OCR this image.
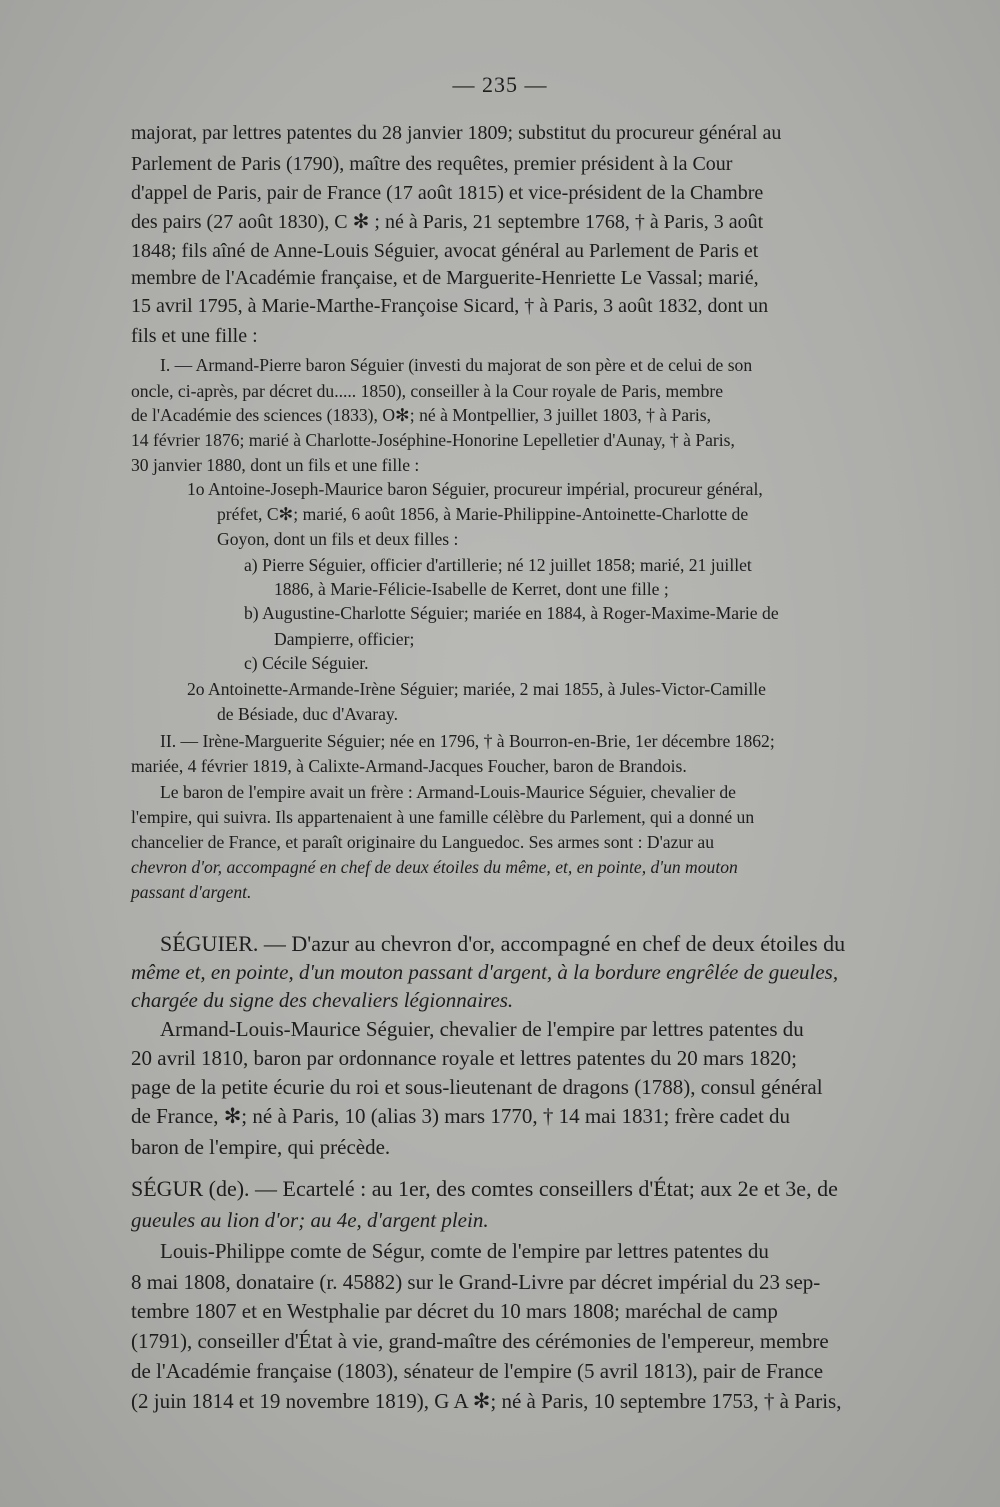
— 235 —
majorat, par lettres patentes du 28 janvier 1809; substitut du procureur général au
Parlement de Paris (1790), maître des requêtes, premier président à la Cour
d'appel de Paris, pair de France (17 août 1815) et vice-président de la Chambre
des pairs (27 août 1830), C ✻ ; né à Paris, 21 septembre 1768, † à Paris, 3 août
1848; fils aîné de Anne-Louis Séguier, avocat général au Parlement de Paris et
membre de l'Académie française, et de Marguerite-Henriette Le Vassal; marié,
15 avril 1795, à Marie-Marthe-Françoise Sicard, † à Paris, 3 août 1832, dont un
fils et une fille :
I. — Armand-Pierre baron Séguier (investi du majorat de son père et de celui de son
oncle, ci-après, par décret du..... 1850), conseiller à la Cour royale de Paris, membre
de l'Académie des sciences (1833), O✻; né à Montpellier, 3 juillet 1803, † à Paris,
14 février 1876; marié à Charlotte-Joséphine-Honorine Lepelletier d'Aunay, † à Paris,
30 janvier 1880, dont un fils et une fille :
1o Antoine-Joseph-Maurice baron Séguier, procureur impérial, procureur général,
préfet, C✻; marié, 6 août 1856, à Marie-Philippine-Antoinette-Charlotte de
Goyon, dont un fils et deux filles :
a) Pierre Séguier, officier d'artillerie; né 12 juillet 1858; marié, 21 juillet
1886, à Marie-Félicie-Isabelle de Kerret, dont une fille ;
b) Augustine-Charlotte Séguier; mariée en 1884, à Roger-Maxime-Marie de
Dampierre, officier;
c) Cécile Séguier.
2o Antoinette-Armande-Irène Séguier; mariée, 2 mai 1855, à Jules-Victor-Camille
de Bésiade, duc d'Avaray.
II. — Irène-Marguerite Séguier; née en 1796, † à Bourron-en-Brie, 1er décembre 1862;
mariée, 4 février 1819, à Calixte-Armand-Jacques Foucher, baron de Brandois.
Le baron de l'empire avait un frère : Armand-Louis-Maurice Séguier, chevalier de
l'empire, qui suivra. Ils appartenaient à une famille célèbre du Parlement, qui a donné un
chancelier de France, et paraît originaire du Languedoc. Ses armes sont : D'azur au
chevron d'or, accompagné en chef de deux étoiles du même, et, en pointe, d'un mouton
passant d'argent.
SÉGUIER. — D'azur au chevron d'or, accompagné en chef de deux étoiles du
même et, en pointe, d'un mouton passant d'argent, à la bordure engrêlée de gueules,
chargée du signe des chevaliers légionnaires.
Armand-Louis-Maurice Séguier, chevalier de l'empire par lettres patentes du
20 avril 1810, baron par ordonnance royale et lettres patentes du 20 mars 1820;
page de la petite écurie du roi et sous-lieutenant de dragons (1788), consul général
de France, ✻; né à Paris, 10 (alias 3) mars 1770, † 14 mai 1831; frère cadet du
baron de l'empire, qui précède.
SÉGUR (de). — Ecartelé : au 1er, des comtes conseillers d'État; aux 2e et 3e, de
gueules au lion d'or; au 4e, d'argent plein.
Louis-Philippe comte de Ségur, comte de l'empire par lettres patentes du
8 mai 1808, donataire (r. 45882) sur le Grand-Livre par décret impérial du 23 sep-
tembre 1807 et en Westphalie par décret du 10 mars 1808; maréchal de camp
(1791), conseiller d'État à vie, grand-maître des cérémonies de l'empereur, membre
de l'Académie française (1803), sénateur de l'empire (5 avril 1813), pair de France
(2 juin 1814 et 19 novembre 1819), G A ✻; né à Paris, 10 septembre 1753, † à Paris,
